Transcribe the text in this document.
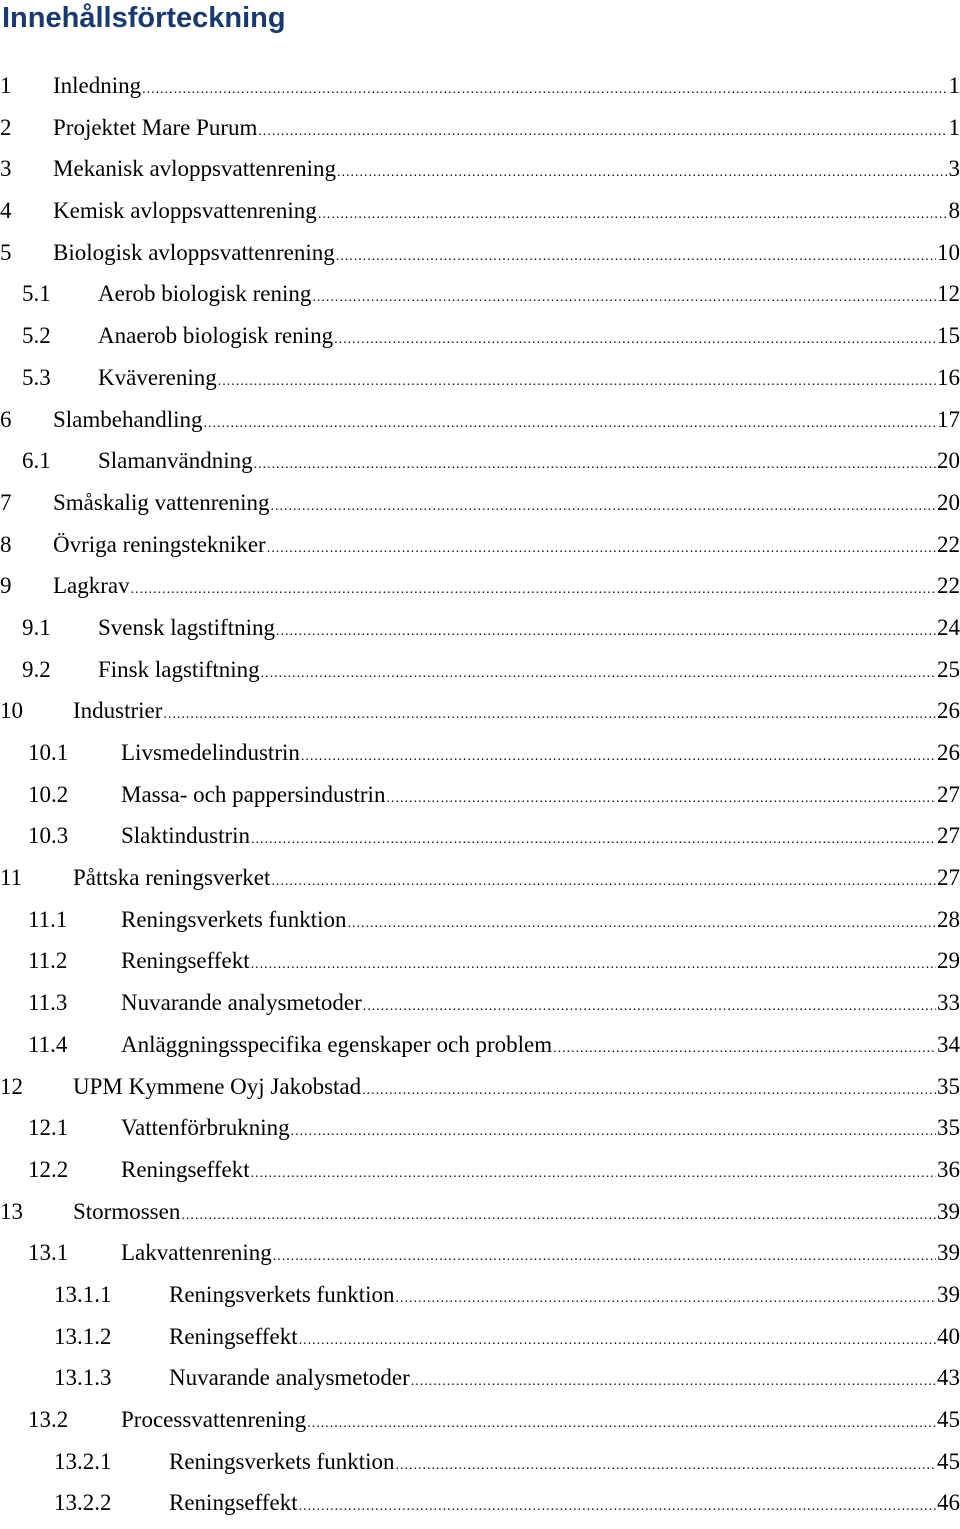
Innehållsförteckning
1 Inledning .....	1
2 Projektet Mare Purum .....	1
3 Mekanisk avloppsvattenrening .....	3
4 Kemisk avloppsvattenrening .....	8
5 Biologisk avloppsvattenrening .....	10
5.1 Aerob biologisk rening .....	12
5.2 Anaerob biologisk rening .....	15
5.3 Kväverening .....	16
6 Slambehandling .....	17
6.1 Slamanvändning .....	20
7 Småskalig vattenrening .....	20
8 Övriga reningstekniker .....	22
9 Lagkrav .....	22
9.1 Svensk lagstiftning .....	24
9.2 Finsk lagstiftning .....	25
10 Industrier .....	26
10.1 Livsmedelindustrin .....	26
10.2 Massa- och pappersindustrin .....	27
10.3 Slaktindustrin .....	27
11 Påttska reningsverket .....	27
11.1 Reningsverkets funktion .....	28
11.2 Reningseffekt .....	29
11.3 Nuvarande analysmetoder .....	33
11.4 Anläggningsspecifika egenskaper och problem .....	34
12 UPM Kymmene Oyj Jakobstad .....	35
12.1 Vattenförbrukning .....	35
12.2 Reningseffekt .....	36
13 Stormossen .....	39
13.1 Lakvattenrening .....	39
13.1.1	Reningsverkets funktion .....	39
13.1.2	Reningseffekt .....	40
13.1.3	Nuvarande analysmetoder .....	43
13.2 Processvattenrening .....	45
13.2.1	Reningsverkets funktion .....	45
13.2.2	Reningseffekt .....	46
